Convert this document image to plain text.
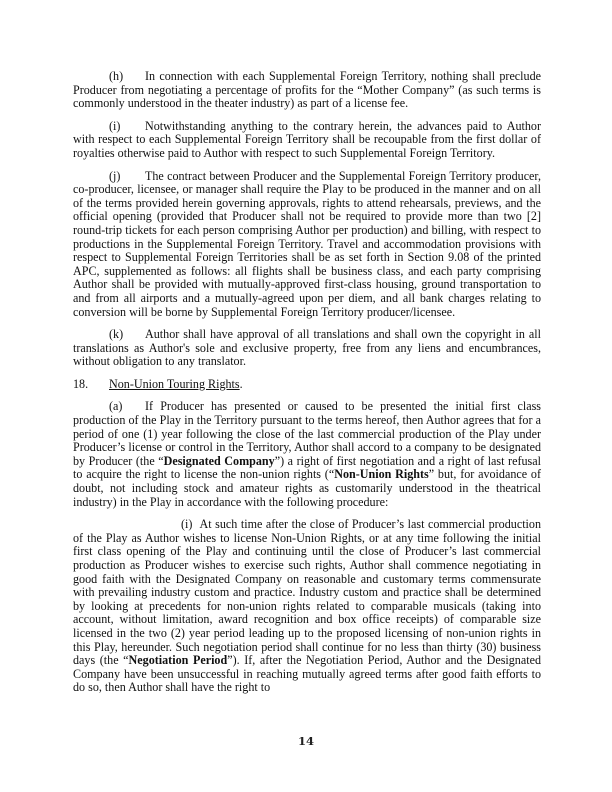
(h) In connection with each Supplemental Foreign Territory, nothing shall preclude Producer from negotiating a percentage of profits for the “Mother Company” (as such terms is commonly understood in the theater industry) as part of a license fee.

(i) Notwithstanding anything to the contrary herein, the advances paid to Author with respect to each Supplemental Foreign Territory shall be recoupable from the first dollar of royalties otherwise paid to Author with respect to such Supplemental Foreign Territory.

(j) The contract between Producer and the Supplemental Foreign Territory producer, co-producer, licensee, or manager shall require the Play to be produced in the manner and on all of the terms provided herein governing approvals, rights to attend rehearsals, previews, and the official opening (provided that Producer shall not be required to provide more than two [2] round-trip tickets for each person comprising Author per production) and billing, with respect to productions in the Supplemental Foreign Territory. Travel and accommodation provisions with respect to Supplemental Foreign Territories shall be as set forth in Section 9.08 of the printed APC, supplemented as follows: all flights shall be business class, and each party comprising Author shall be provided with mutually-approved first-class housing, ground transportation to and from all airports and a mutually-agreed upon per diem, and all bank charges relating to conversion will be borne by Supplemental Foreign Territory producer/licensee.

(k) Author shall have approval of all translations and shall own the copyright in all translations as Author's sole and exclusive property, free from any liens and encumbrances, without obligation to any translator.

18. Non-Union Touring Rights.

(a) If Producer has presented or caused to be presented the initial first class production of the Play in the Territory pursuant to the terms hereof, then Author agrees that for a period of one (1) year following the close of the last commercial production of the Play under Producer’s license or control in the Territory, Author shall accord to a company to be designated by Producer (the “Designated Company”) a right of first negotiation and a right of last refusal to acquire the right to license the non-union rights (“Non-Union Rights” but, for avoidance of doubt, not including stock and amateur rights as customarily understood in the theatrical industry) in the Play in accordance with the following procedure:

(i) At such time after the close of Producer’s last commercial production of the Play as Author wishes to license Non-Union Rights, or at any time following the initial first class opening of the Play and continuing until the close of Producer’s last commercial production as Producer wishes to exercise such rights, Author shall commence negotiating in good faith with the Designated Company on reasonable and customary terms commensurate with prevailing industry custom and practice. Industry custom and practice shall be determined by looking at precedents for non-union rights related to comparable musicals (taking into account, without limitation, award recognition and box office receipts) of comparable size licensed in the two (2) year period leading up to the proposed licensing of non-union rights in this Play, hereunder. Such negotiation period shall continue for no less than thirty (30) business days (the “Negotiation Period”). If, after the Negotiation Period, Author and the Designated Company have been unsuccessful in reaching mutually agreed terms after good faith efforts to do so, then Author shall have the right to

14
